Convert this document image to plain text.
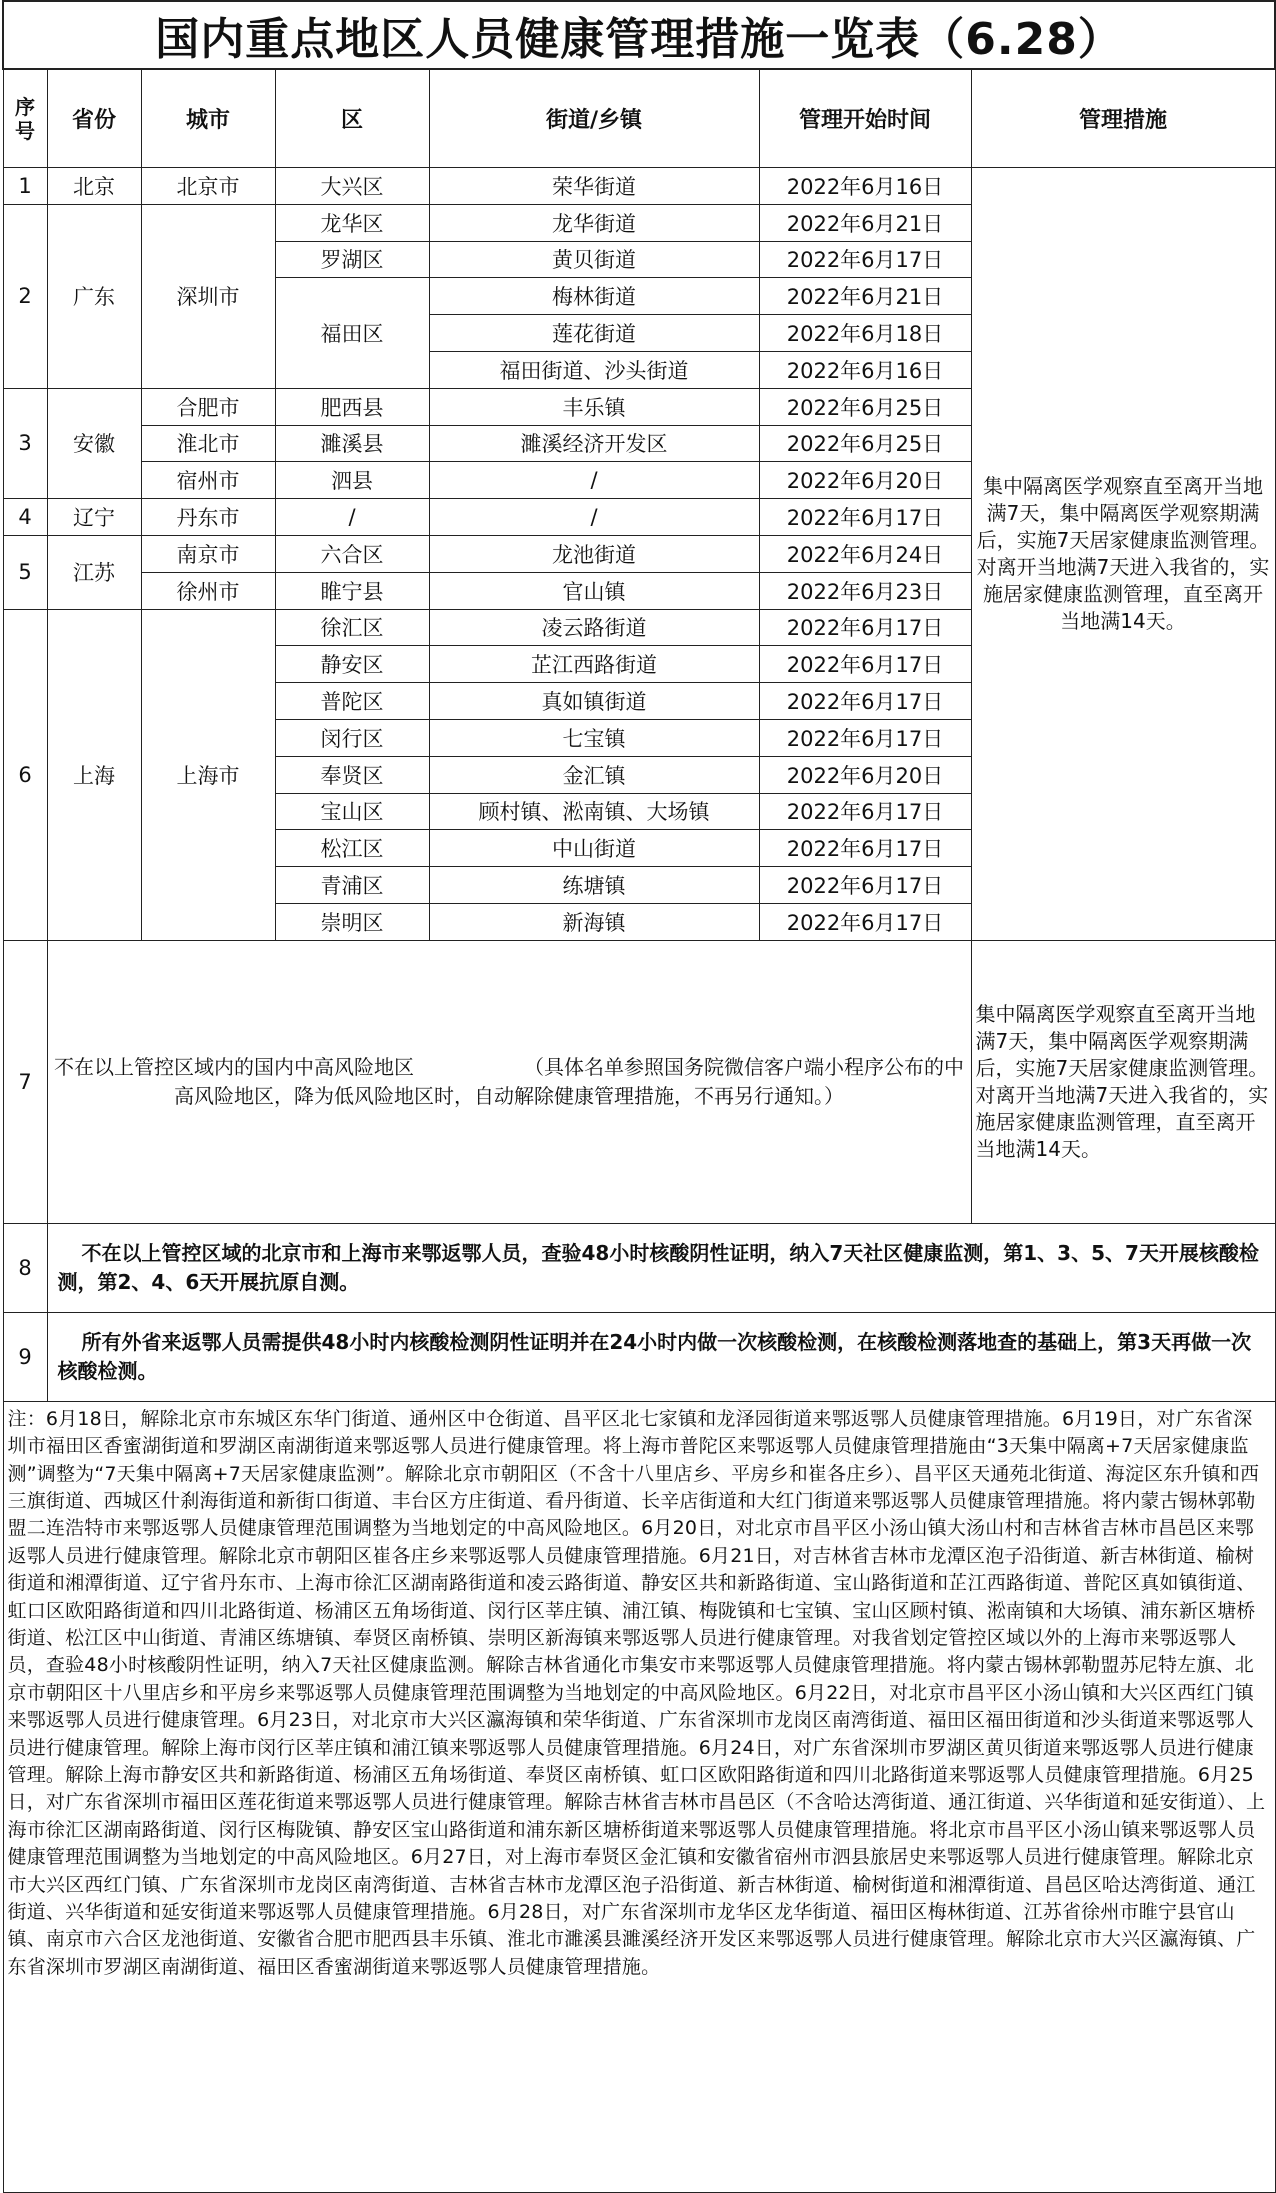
国内重点地区人员健康管理措施一览表（6.28）						
序号	省份	城市	区	街道/乡镇	管理开始时间	管理措施
1	北京	北京市	大兴区	荣华街道	2022年6月16日	集中隔离医学观察直至离开当地满7天，集中隔离医学观察期满后，实施7天居家健康监测管理。对离开当地满7天进入我省的，实施居家健康监测管理，直至离开当地满14天。
2	广东	深圳市	龙华区	龙华街道	2022年6月21日	
			罗湖区	黄贝街道	2022年6月17日	
			福田区	梅林街道	2022年6月21日	
				莲花街道	2022年6月18日	
				福田街道、沙头街道	2022年6月16日	
3	安徽	合肥市	肥西县	丰乐镇	2022年6月25日	
		淮北市	濉溪县	濉溪经济开发区	2022年6月25日	
		宿州市	泗县	/	2022年6月20日	
4	辽宁	丹东市	/	/	2022年6月17日	
5	江苏	南京市	六合区	龙池街道	2022年6月24日	
		徐州市	睢宁县	官山镇	2022年6月23日	
6	上海	上海市	徐汇区	凌云路街道	2022年6月17日	
			静安区	芷江西路街道	2022年6月17日	
			普陀区	真如镇街道	2022年6月17日	
			闵行区	七宝镇	2022年6月17日	
			奉贤区	金汇镇	2022年6月20日	
			宝山区	顾村镇、淞南镇、大场镇	2022年6月17日	
			松江区	中山街道	2022年6月17日	
			青浦区	练塘镇	2022年6月17日	
			崇明区	新海镇	2022年6月17日	
7	不在以上管控区域内的国内中高风险地区 （具体名单参照国务院微信客户端小程序公布的中高风险地区，降为低风险地区时，自动解除健康管理措施，不再另行通知。）					集中隔离医学观察直至离开当地满7天，集中隔离医学观察期满后，实施7天居家健康监测管理。对离开当地满7天进入我省的，实施居家健康监测管理，直至离开当地满14天。
8	不在以上管控区域的北京市和上海市来鄂返鄂人员，查验48小时核酸阴性证明，纳入7天社区健康监测，第1、3、5、7天开展核酸检测，第2、4、6天开展抗原自测。					
9	所有外省来返鄂人员需提供48小时内核酸检测阴性证明并在24小时内做一次核酸检测，在核酸检测落地查的基础上，第3天再做一次核酸检测。					
注：6月18日，解除北京市东城区东华门街道、通州区中仓街道、昌平区北七家镇和龙泽园街道来鄂返鄂人员健康管理措施。6月19日，对广东省深圳市福田区香蜜湖街道和罗湖区南湖街道来鄂返鄂人员进行健康管理。将上海市普陀区来鄂返鄂人员健康管理措施由“3天集中隔离+7天居家健康监测”调整为“7天集中隔离+7天居家健康监测”。解除北京市朝阳区（不含十八里店乡、平房乡和崔各庄乡）、昌平区天通苑北街道、海淀区东升镇和西三旗街道、西城区什刹海街道和新街口街道、丰台区方庄街道、看丹街道、长辛店街道和大红门街道来鄂返鄂人员健康管理措施。将内蒙古锡林郭勒盟二连浩特市来鄂返鄂人员健康管理范围调整为当地划定的中高风险地区。6月20日，对北京市昌平区小汤山镇大汤山村和吉林省吉林市昌邑区来鄂返鄂人员进行健康管理。解除北京市朝阳区崔各庄乡来鄂返鄂人员健康管理措施。6月21日，对吉林省吉林市龙潭区泡子沿街道、新吉林街道、榆树街道和湘潭街道、辽宁省丹东市、上海市徐汇区湖南路街道和凌云路街道、静安区共和新路街道、宝山路街道和芷江西路街道、普陀区真如镇街道、虹口区欧阳路街道和四川北路街道、杨浦区五角场街道、闵行区莘庄镇、浦江镇、梅陇镇和七宝镇、宝山区顾村镇、淞南镇和大场镇、浦东新区塘桥街道、松江区中山街道、青浦区练塘镇、奉贤区南桥镇、崇明区新海镇来鄂返鄂人员进行健康管理。对我省划定管控区域以外的上海市来鄂返鄂人员，查验48小时核酸阴性证明，纳入7天社区健康监测。解除吉林省通化市集安市来鄂返鄂人员健康管理措施。将内蒙古锡林郭勒盟苏尼特左旗、北京市朝阳区十八里店乡和平房乡来鄂返鄂人员健康管理范围调整为当地划定的中高风险地区。6月22日，对北京市昌平区小汤山镇和大兴区西红门镇来鄂返鄂人员进行健康管理。6月23日，对北京市大兴区瀛海镇和荣华街道、广东省深圳市龙岗区南湾街道、福田区福田街道和沙头街道来鄂返鄂人员进行健康管理。解除上海市闵行区莘庄镇和浦江镇来鄂返鄂人员健康管理措施。6月24日，对广东省深圳市罗湖区黄贝街道来鄂返鄂人员进行健康管理。解除上海市静安区共和新路街道、杨浦区五角场街道、奉贤区南桥镇、虹口区欧阳路街道和四川北路街道来鄂返鄂人员健康管理措施。6月25日，对广东省深圳市福田区莲花街道来鄂返鄂人员进行健康管理。解除吉林省吉林市昌邑区（不含哈达湾街道、通江街道、兴华街道和延安街道）、上海市徐汇区湖南路街道、闵行区梅陇镇、静安区宝山路街道和浦东新区塘桥街道来鄂返鄂人员健康管理措施。将北京市昌平区小汤山镇来鄂返鄂人员健康管理范围调整为当地划定的中高风险地区。6月27日，对上海市奉贤区金汇镇和安徽省宿州市泗县旅居史来鄂返鄂人员进行健康管理。解除北京市大兴区西红门镇、广东省深圳市龙岗区南湾街道、吉林省吉林市龙潭区泡子沿街道、新吉林街道、榆树街道和湘潭街道、昌邑区哈达湾街道、通江街道、兴华街道和延安街道来鄂返鄂人员健康管理措施。6月28日，对广东省深圳市龙华区龙华街道、福田区梅林街道、江苏省徐州市睢宁县官山镇、南京市六合区龙池街道、安徽省合肥市肥西县丰乐镇、淮北市濉溪县濉溪经济开发区来鄂返鄂人员进行健康管理。解除北京市大兴区瀛海镇、广东省深圳市罗湖区南湖街道、福田区香蜜湖街道来鄂返鄂人员健康管理措施。						
